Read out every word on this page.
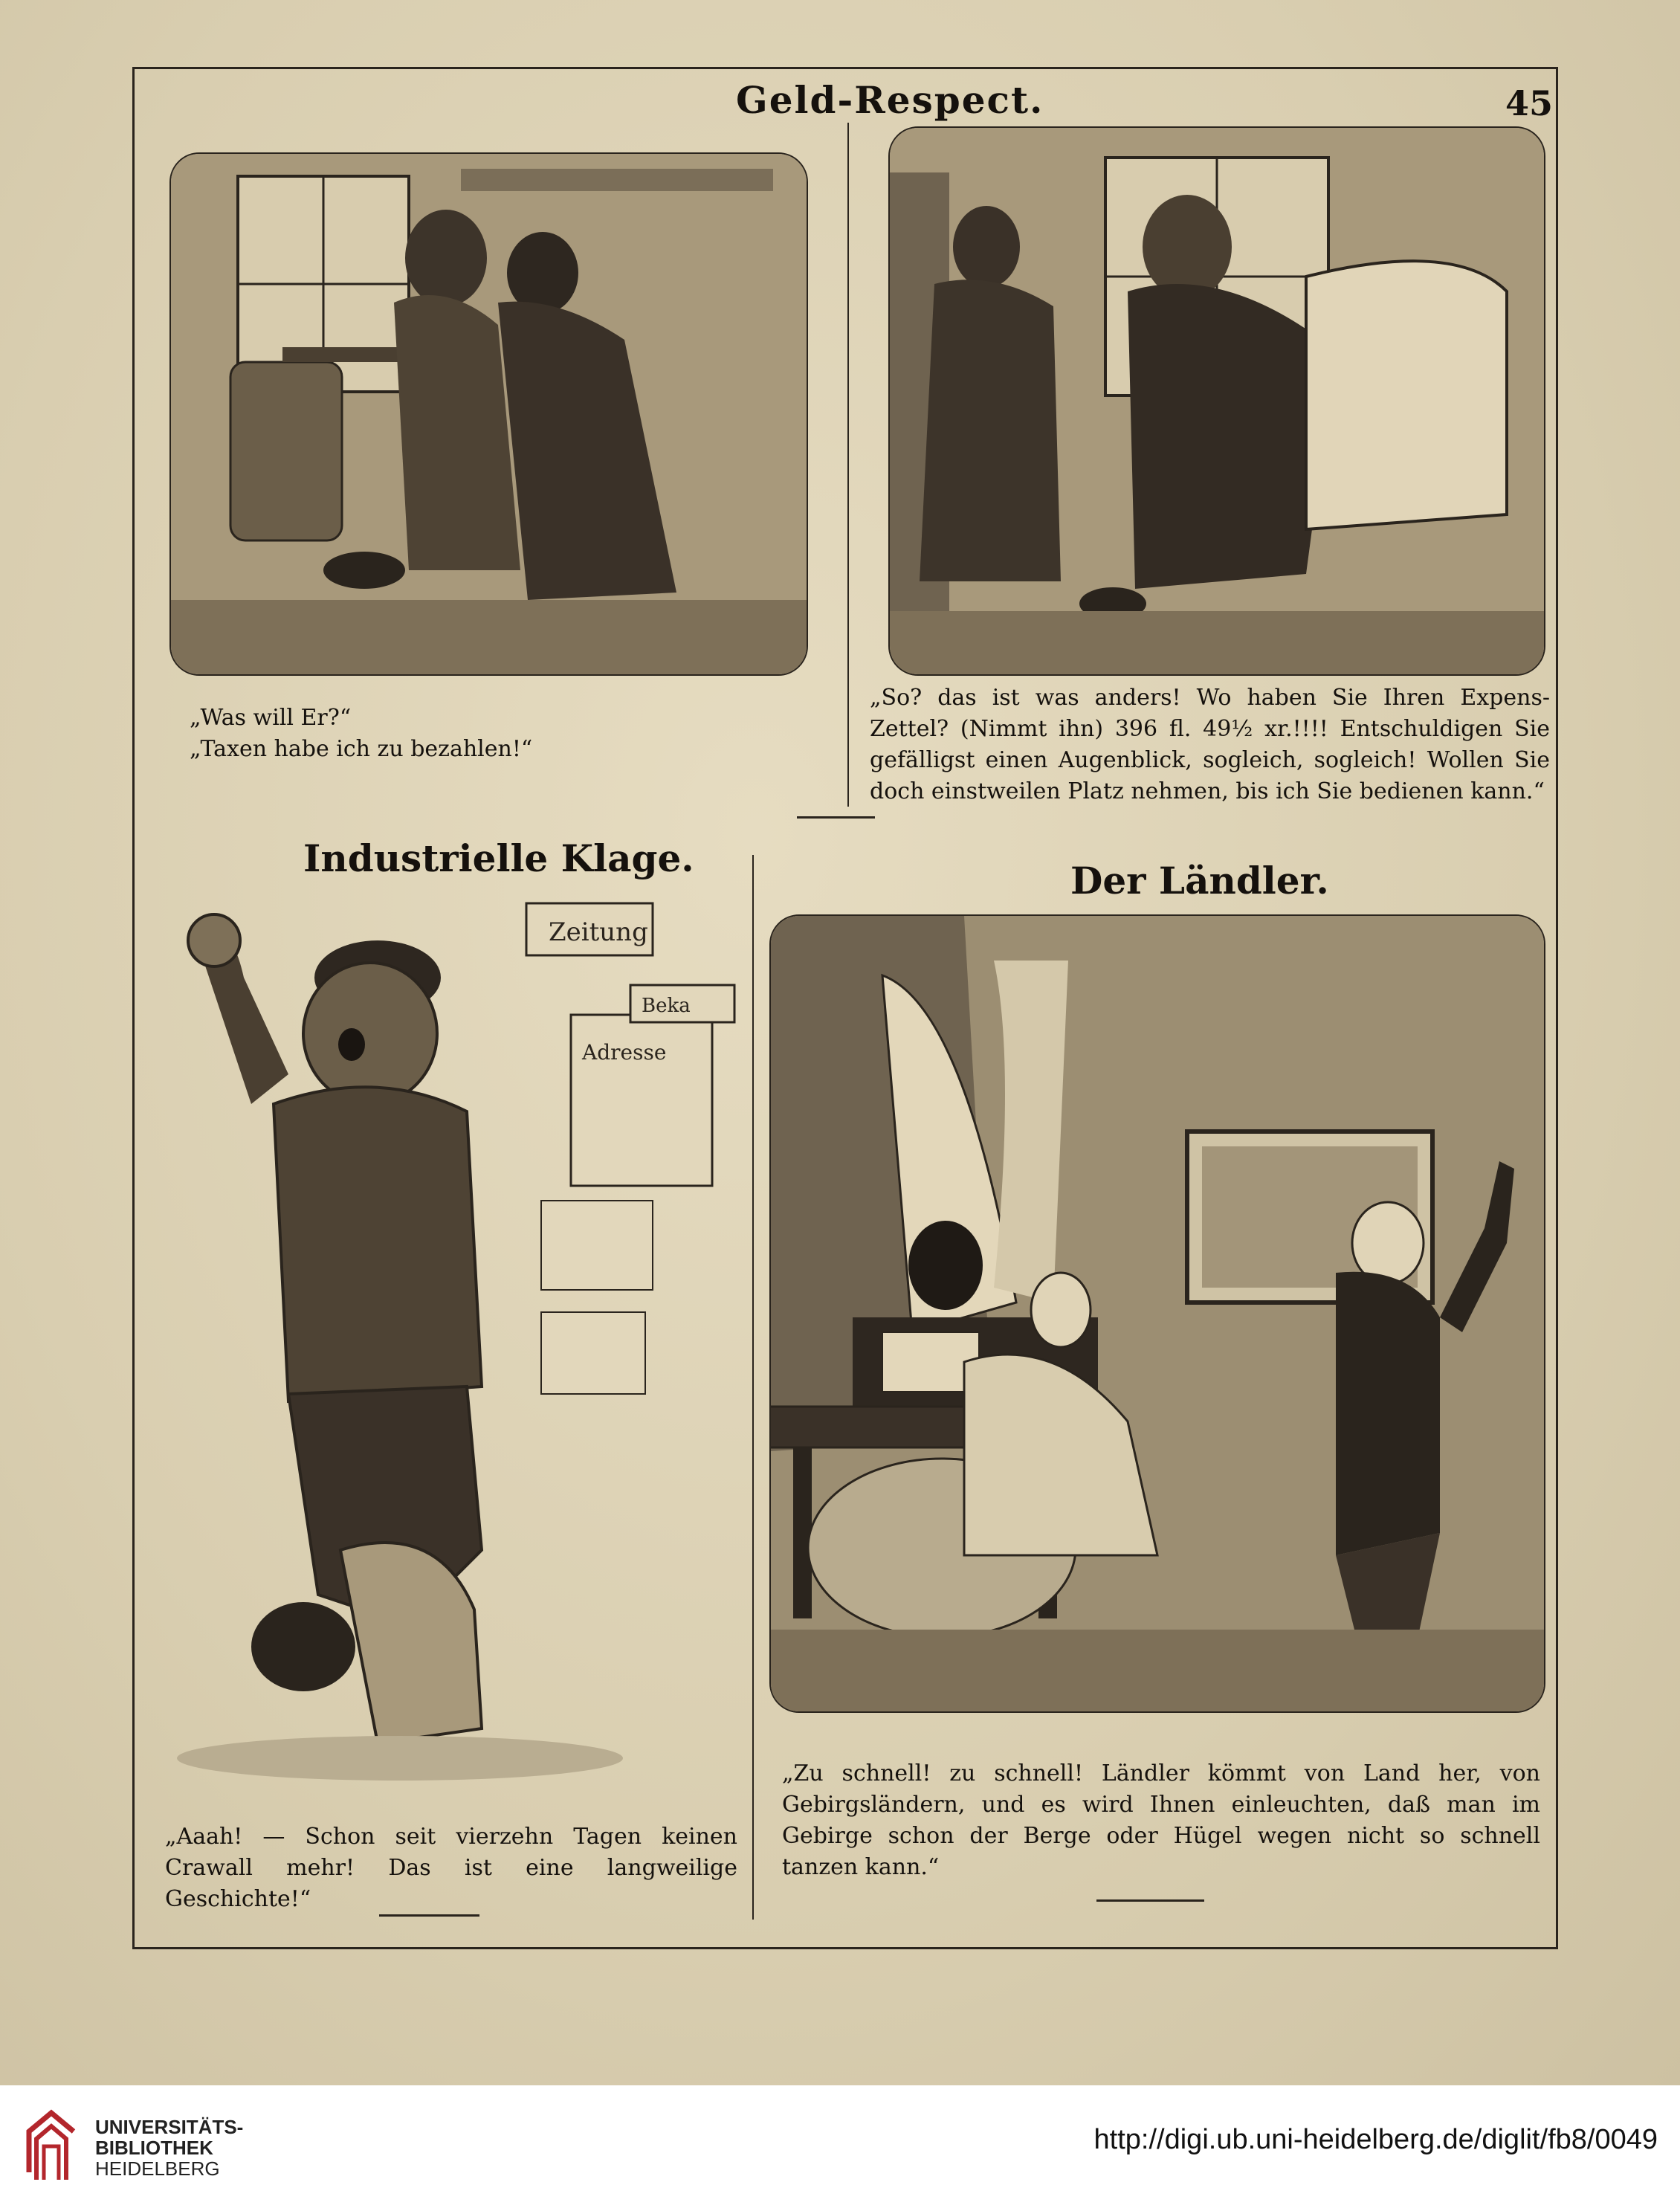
Geld-Respect.	45

„Was will Er?“

„Taxen habe ich zu bezahlen!“

„So? das ist was anders! Wo haben Sie Ihren Expens-Zettel? (Nimmt ihn) 396 fl. 49½ xr.!!!! Entschuldigen Sie gefälligst einen Augenblick, sogleich, sogleich! Wollen Sie doch einstweilen Platz nehmen, bis ich Sie bedienen kann.“
Industrielle Klage.
Der Ländler.
Zeitung
Adresse
Beka
„Aaah! — Schon seit vierzehn Tagen keinen Crawall mehr! Das ist eine langweilige Geschichte!“
„Zu schnell! zu schnell! Ländler kömmt von Land her, von Gebirgsländern, und es wird Ihnen einleuchten, daß man im Gebirge schon der Berge oder Hügel wegen nicht so schnell tanzen kann.“
UNIVERSITÄTS-
BIBLIOTHEK
HEIDELBERG
http://digi.ub.uni-heidelberg.de/diglit/fb8/0049
